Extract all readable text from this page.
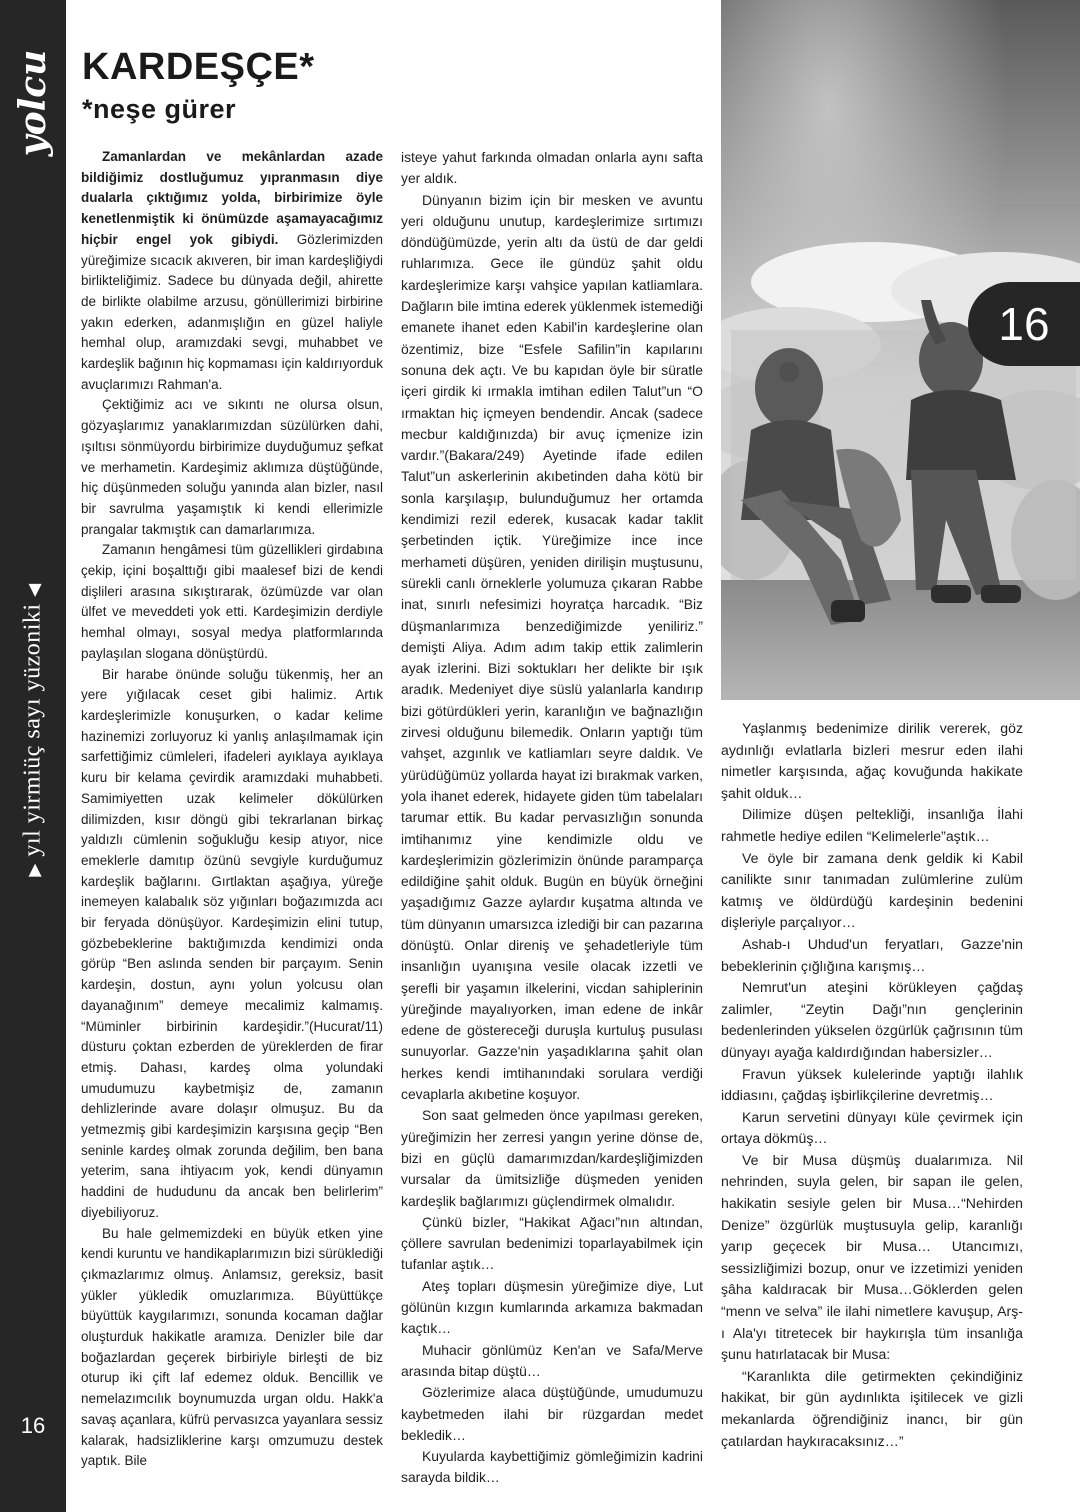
yolcu
▶ yıl yirmiüç sayı yüzoniki ◀
16
KARDEŞÇE*
*neşe gürer

Zamanlardan ve mekânlardan azade bildiğimiz dostluğumuz yıpranmasın diye dualarla çıktığımız yolda, birbirimize öyle kenetlenmiştik ki önümüzde aşamayacağımız hiçbir engel yok gibiydi. Gözlerimizden yüreğimize sıcacık akıveren, bir iman kardeşliğiydi birlikteliğimiz. Sadece bu dünyada değil, ahirette de birlikte olabilme arzusu, gönüllerimizi birbirine yakın ederken, adanmışlığın en güzel haliyle hemhal olup, aramızdaki sevgi, muhabbet ve kardeşlik bağının hiç kopmaması için kaldırıyorduk avuçlarımızı Rahman'a.

Çektiğimiz acı ve sıkıntı ne olursa olsun, gözyaşlarımız yanaklarımızdan süzülürken dahi, ışıltısı sönmüyordu birbirimize duyduğumuz şefkat ve merhametin. Kardeşimiz aklımıza düştüğünde, hiç düşünmeden soluğu yanında alan bizler, nasıl bir savrulma yaşamıştık ki kendi ellerimizle prangalar takmıştık can damarlarımıza.

Zamanın hengâmesi tüm güzellikleri girdabına çekip, içini boşalttığı gibi maalesef bizi de kendi dişlileri arasına sıkıştırarak, özümüzde var olan ülfet ve meveddeti yok etti. Kardeşimizin derdiyle hemhal olmayı, sosyal medya platformlarında paylaşılan sloganа dönüştürdü.

Bir harabe önünde soluğu tükenmiş, her an yere yığılacak ceset gibi halimiz. Artık kardeşlerimizle konuşurken, o kadar kelime hazinemizi zorluyoruz ki yanlış anlaşılmamak için sarfettiğimiz cümleleri, ifadeleri ayıklaya ayıklaya kuru bir kelama çevirdik aramızdaki muhabbeti. Samimiyetten uzak kelimeler dökülürken dilimizden, kısır döngü gibi tekrarlanan birkaç yaldızlı cümlenin soğukluğu kesip atıyor, nice emeklerle damıtıp özünü sevgiyle kurduğumuz kardeşlik bağlarını. Gırtlaktan aşağıya, yüreğe inemeyen kalabalık söz yığınları boğazımızda acı bir feryada dönüşüyor. Kardeşimizin elini tutup, gözbebeklerine baktığımızda kendimizi onda görüp “Ben aslında senden bir parçayım. Senin kardeşin, dostun, aynı yolun yolcusu olan dayanağınım” demeye mecalimiz kalmamış. “Müminler birbirinin kardeşidir.”(Hucurat/11) düsturu çoktan ezberden de yüreklerden de firar etmiş. Dahası, kardeş olma yolundaki umudumuzu kaybetmişiz de, zamanın dehlizlerinde avare dolaşır olmuşuz. Bu da yetmezmiş gibi kardeşimizin karşısına geçip “Ben seninle kardeş olmak zorunda değilim, ben bana yeterim, sana ihtiyacım yok, kendi dünyamın haddini de hududunu da ancak ben belirlerim” diyebiliyoruz.

Bu hale gelmemizdeki en büyük etken yine kendi kuruntu ve handikaplarımızın bizi sürüklediği çıkmazlarımız olmuş. Anlamsız, gereksiz, basit yükler yükledik omuzlarımıza. Büyüttükçe büyüttük kaygılarımızı, sonunda kocaman dağlar oluşturduk hakikatle aramıza. Denizler bile dar boğazlardan geçerek birbiriyle birleşti de biz oturup iki çift laf edemez olduk. Bencillik ve nemelazımcılık boynumuzda urgan oldu. Hakk'a savaş açanlara, küfrü pervasızca yayanlara sessiz kalarak, hadsizliklerine karşı omzumuzu destek yaptık. Bile

isteye yahut farkında olmadan onlarla aynı safta yer aldık.

Dünyanın bizim için bir mesken ve avuntu yeri olduğunu unutup, kardeşlerimize sırtımızı döndüğümüzde, yerin altı da üstü de dar geldi ruhlarımıza. Gece ile gündüz şahit oldu kardeşlerimize karşı vahşice yapılan katliamlara. Dağların bile imtina ederek yüklenmek istemediği emanete ihanet eden Kabil'in kardeşlerine olan özentimiz, bize “Esfele Safilin”in kapılarını sonuna dek açtı. Ve bu kapıdan öyle bir süratle içeri girdik ki ırmakla imtihan edilen Talut”un “O ırmaktan hiç içmeyen bendendir. Ancak (sadece mecbur kaldığınızda) bir avuç içmenize izin vardır.”(Bakara/249) Ayetinde ifade edilen Talut”un askerlerinin akıbetinden daha kötü bir sonla karşılaşıp, bulunduğumuz her ortamda kendimizi rezil ederek, kusacak kadar taklit şerbetinden içtik. Yüreğimize ince ince merhameti düşüren, yeniden dirilişin muştusunu, sürekli canlı örneklerle yolumuza çıkaran Rabbe inat, sınırlı nefesimizi hoyratça harcadık. “Biz düşmanlarımıza benzediğimizde yeniliriz.” demişti Aliya. Adım adım takip ettik zalimlerin ayak izlerini. Bizi soktukları her delikte bir ışık aradık. Medeniyet diye süslü yalanlarla kandırıp bizi götürdükleri yerin, karanlığın ve bağnazlığın zirvesi olduğunu bilemedik. Onların yaptığı tüm vahşet, azgınlık ve katliamları seyre daldık. Ve yürüdüğümüz yollarda hayat izi bırakmak varken, yola ihanet ederek, hidayete giden tüm tabelaları tarumar ettik. Bu kadar pervasızlığın sonunda imtihanımız yine kendimizle oldu ve kardeşlerimizin gözlerimizin önünde paramparça edildiğine şahit olduk. Bugün en büyük örneğini yaşadığımız Gazze aylardır kuşatma altında ve tüm dünyanın umarsızca izlediği bir can pazarına dönüştü. Onlar direniş ve şehadetleriyle tüm insanlığın uyanışına vesile olacak izzetli ve şerefli bir yaşamın ilkelerini, vicdan sahiplerinin yüreğinde mayalıyorken, iman edene de inkâr edene de göstereceği duruşla kurtuluş pusulası sunuyorlar. Gazze'nin yaşadıklarına şahit olan herkes kendi imtihanındaki sorulara verdiği cevaplarla akıbetine koşuyor.

Son saat gelmeden önce yapılması gereken, yüreğimizin her zerresi yangın yerine dönse de, bizi en güçlü damarımızdan/kardeşliğimizden vursalar da ümitsizliğe düşmeden yeniden kardeşlik bağlarımızı güçlendirmek olmalıdır.

Çünkü bizler, “Hakikat Ağacı”nın altından, çöllere savrulan bedenimizi toparlayabilmek için tufanlar aştık…

Ateş topları düşmesin yüreğimize diye, Lut gölünün kızgın kumlarında arkamıza bakmadan kaçtık…

Muhacir gönlümüz Ken'an ve Safa/Merve arasında bitap düştü…

Gözlerimize alaca düştüğünde, umudumuzu kaybetmeden ilahi bir rüzgardan medet bekledik…

Kuyularda kaybettiğimiz gömleğimizin kadrini sarayda bildik…

16

Yaşlanmış bedenimize dirilik vererek, göz aydınlığı evlatlarla bizleri mesrur eden ilahi nimetler karşısında, ağaç kovuğunda hakikate şahit olduk…

Dilimize düşen peltekliği, insanlığa İlahi rahmetle hediye edilen “Kelimelerle”aştık…

Ve öyle bir zamana denk geldik ki Kabil canilikte sınır tanımadan zulümlerine zulüm katmış ve öldürdüğü kardeşinin bedenini dişleriyle parçalıyor…

Ashab-ı Uhdud'un feryatları, Gazze'nin bebeklerinin çığlığına karışmış…

Nemrut'un ateşini körükleyen çağdaş zalimler, “Zeytin Dağı”nın gençlerinin bedenlerinden yükselen özgürlük çağrısının tüm dünyayı ayağa kaldırdığından habersizler…

Fravun yüksek kulelerinde yaptığı ilahlık iddiasını, çağdaş işbirlikçilerine devretmiş…

Karun servetini dünyayı küle çevirmek için ortaya dökmüş…

Ve bir Musa düşmüş dualarımıza. Nil nehrinden, suyla gelen, bir sapan ile gelen, hakikatin sesiyle gelen bir Musa…“Nehirden Denize” özgürlük muştusuyla gelip, karanlığı yarıp geçecek bir Musa… Utancımızı, sessizliğimizi bozup, onur ve izzetimizi yeniden şâha kaldıracak bir Musa…Göklerden gelen “menn ve selva” ile ilahi nimetlere kavuşup, Arş-ı Ala'yı titretecek bir haykırışla tüm insanlığa şunu hatırlatacak bir Musa:

“Karanlıkta dile getirmekten çekindiğiniz hakikat, bir gün aydınlıkta işitilecek ve gizli mekanlarda öğrendiğiniz inancı, bir gün çatılardan haykıracaksınız…”
